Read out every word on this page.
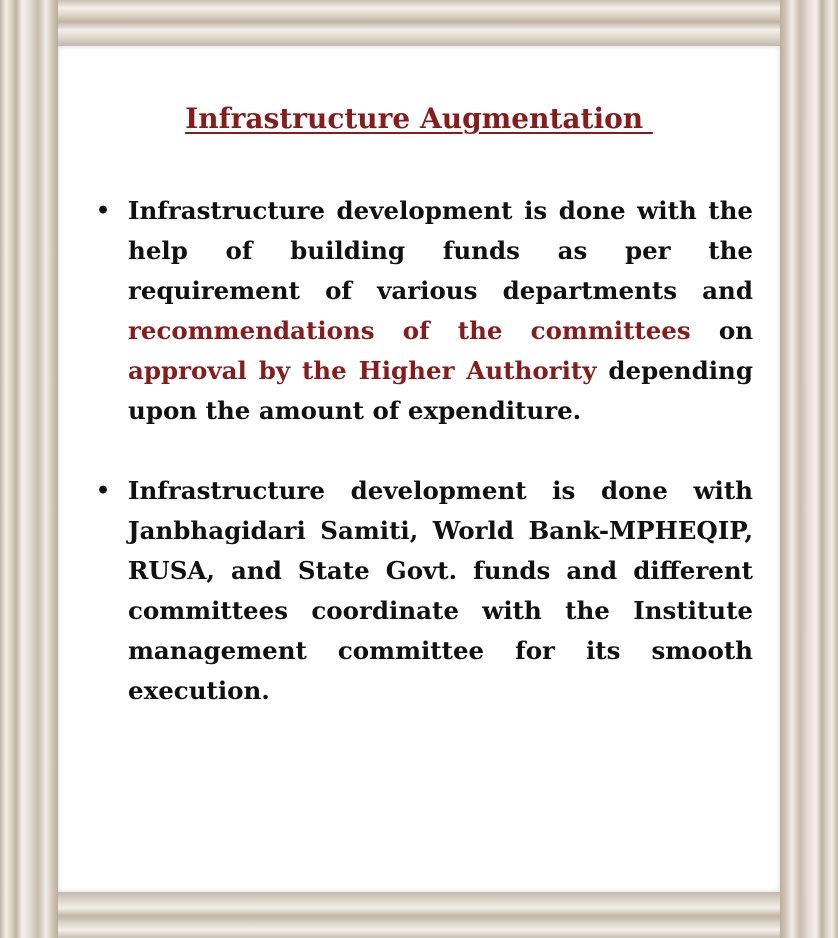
Infrastructure Augmentation
• Infrastructure development is done with the help of building funds as per the requirement of various departments and recommendations of the committees on approval by the Higher Authority depending upon the amount of expenditure.
• Infrastructure development is done with Janbhagidari Samiti, World Bank-MPHEQIP, RUSA, and State Govt. funds and different committees coordinate with the Institute management committee for its smooth execution.
